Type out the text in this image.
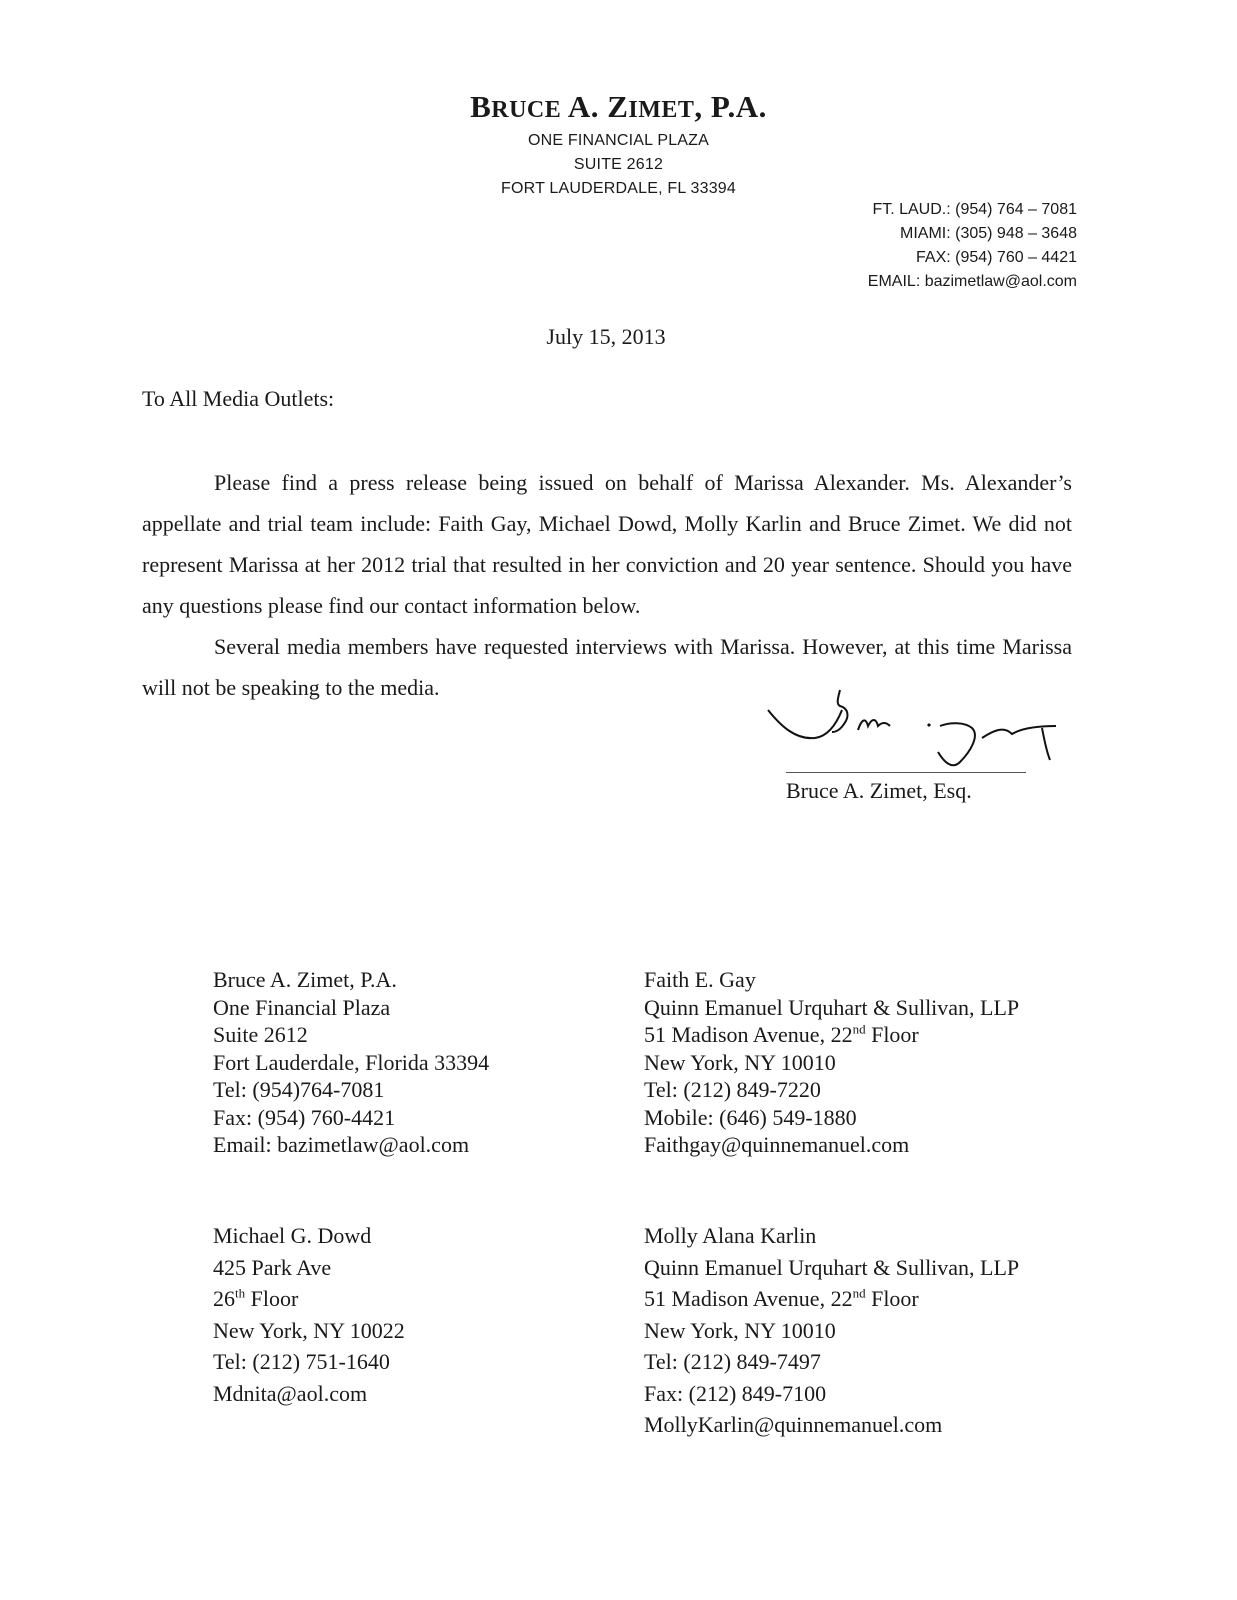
BRUCE A. ZIMET, P.A.
ONE FINANCIAL PLAZA
SUITE 2612
FORT LAUDERDALE, FL 33394
FT. LAUD.: (954) 764 – 7081
MIAMI: (305) 948 – 3648
FAX: (954) 760 – 4421
EMAIL: bazimetlaw@aol.com
July 15, 2013
To All Media Outlets:

Please find a press release being issued on behalf of Marissa Alexander. Ms. Alexander’s appellate and trial team include: Faith Gay, Michael Dowd, Molly Karlin and Bruce Zimet. We did not represent Marissa at her 2012 trial that resulted in her conviction and 20 year sentence. Should you have any questions please find our contact information below.

Several media members have requested interviews with Marissa. However, at this time Marissa will not be speaking to the media.

Bruce A. Zimet, Esq.
Bruce A. Zimet, P.A.
One Financial Plaza
Suite 2612
Fort Lauderdale, Florida 33394
Tel: (954)764-7081
Fax: (954) 760-4421
Email: bazimetlaw@aol.com
Faith E. Gay
Quinn Emanuel Urquhart & Sullivan, LLP
51 Madison Avenue, 22nd Floor
New York, NY 10010
Tel: (212) 849-7220
Mobile: (646) 549-1880
Faithgay@quinnemanuel.com
Michael G. Dowd
425 Park Ave
26th Floor
New York, NY 10022
Tel: (212) 751-1640
Mdnita@aol.com
Molly Alana Karlin
Quinn Emanuel Urquhart & Sullivan, LLP
51 Madison Avenue, 22nd Floor
New York, NY 10010
Tel: (212) 849-7497
Fax: (212) 849-7100
MollyKarlin@quinnemanuel.com
